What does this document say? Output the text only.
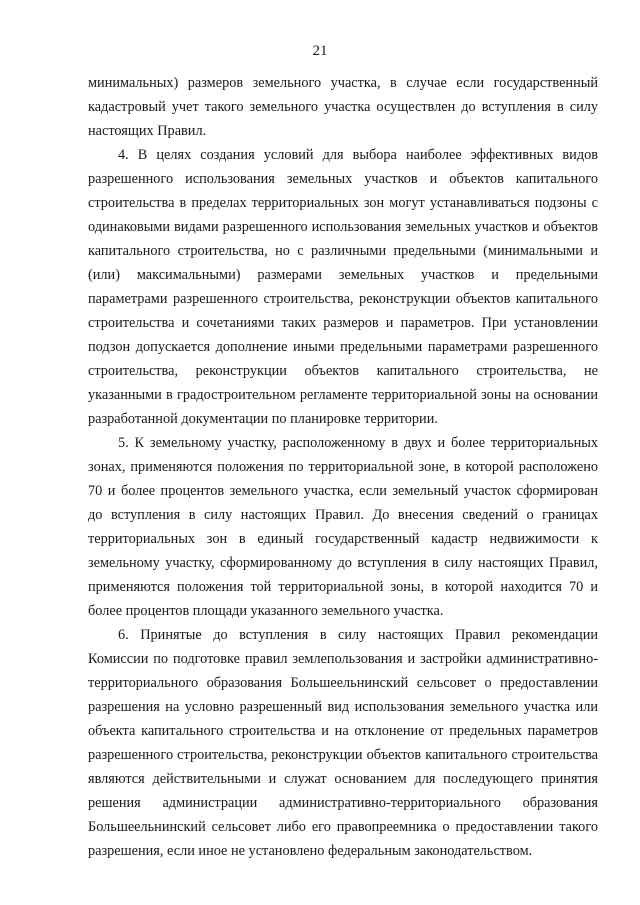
21

минимальных) размеров земельного участка, в случае если государственный кадастровый учет такого земельного участка осуществлен до вступления в силу настоящих Правил.

4. В целях создания условий для выбора наиболее эффективных видов разрешенного использования земельных участков и объектов капитального строительства в пределах территориальных зон могут устанавливаться подзоны с одинаковыми видами разрешенного использования земельных участков и объектов капитального строительства, но с различными предельными (минимальными и (или) максимальными) размерами земельных участков и предельными параметрами разрешенного строительства, реконструкции объектов капитального строительства и сочетаниями таких размеров и параметров. При установлении подзон допускается дополнение иными предельными параметрами разрешенного строительства, реконструкции объектов капитального строительства, не указанными в градостроительном регламенте территориальной зоны на основании разработанной документации по планировке территории.

5. К земельному участку, расположенному в двух и более территориальных зонах, применяются положения по территориальной зоне, в которой расположено 70 и более процентов земельного участка, если земельный участок сформирован до вступления в силу настоящих Правил. До внесения сведений о границах территориальных зон в единый государственный кадастр недвижимости к земельному участку, сформированному до вступления в силу настоящих Правил, применяются положения той территориальной зоны, в которой находится 70 и более процентов площади указанного земельного участка.

6. Принятые до вступления в силу настоящих Правил рекомендации Комиссии по подготовке правил землепользования и застройки административно-территориального образования Большеельнинский сельсовет о предоставлении разрешения на условно разрешенный вид использования земельного участка или объекта капитального строительства и на отклонение от предельных параметров разрешенного строительства, реконструкции объектов капитального строительства являются действительными и служат основанием для последующего принятия решения администрации административно-территориального образования Большеельнинский сельсовет либо его правопреемника о предоставлении такого разрешения, если иное не установлено федеральным законодательством.
